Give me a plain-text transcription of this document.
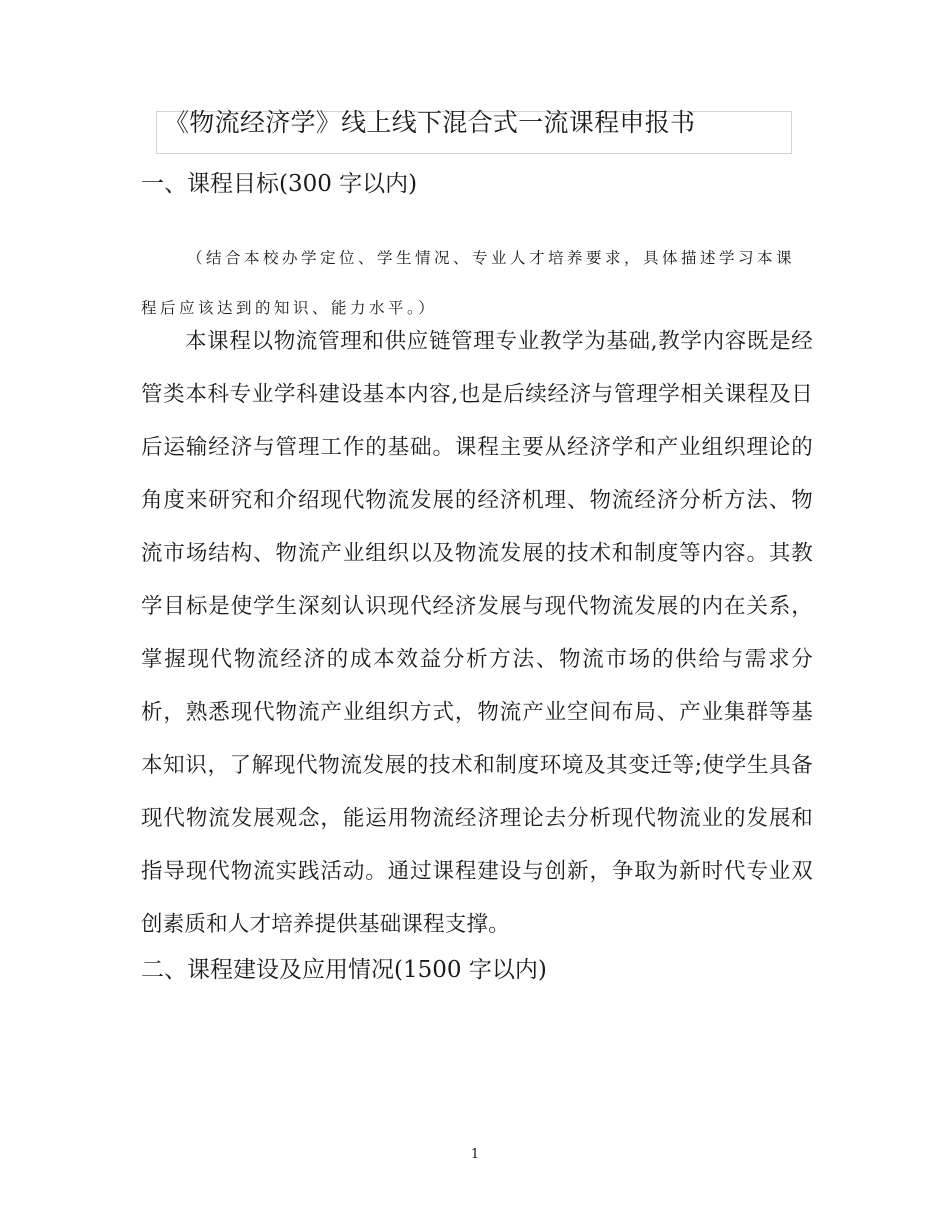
《物流经济学》线上线下混合式一流课程申报书
一、课程目标(300 字以内)

（结合本校办学定位、学生情况、专业人才培养要求，具体描述学习本课程后应该达到的知识、能力水平。）

本课程以物流管理和供应链管理专业教学为基础,教学内容既是经管类本科专业学科建设基本内容,也是后续经济与管理学相关课程及日后运输经济与管理工作的基础。课程主要从经济学和产业组织理论的角度来研究和介绍现代物流发展的经济机理、物流经济分析方法、物流市场结构、物流产业组织以及物流发展的技术和制度等内容。其教学目标是使学生深刻认识现代经济发展与现代物流发展的内在关系，掌握现代物流经济的成本效益分析方法、物流市场的供给与需求分析，熟悉现代物流产业组织方式，物流产业空间布局、产业集群等基本知识，了解现代物流发展的技术和制度环境及其变迁等;使学生具备现代物流发展观念，能运用物流经济理论去分析现代物流业的发展和指导现代物流实践活动。通过课程建设与创新，争取为新时代专业双创素质和人才培养提供基础课程支撑。

二、课程建设及应用情况(1500 字以内)
1
